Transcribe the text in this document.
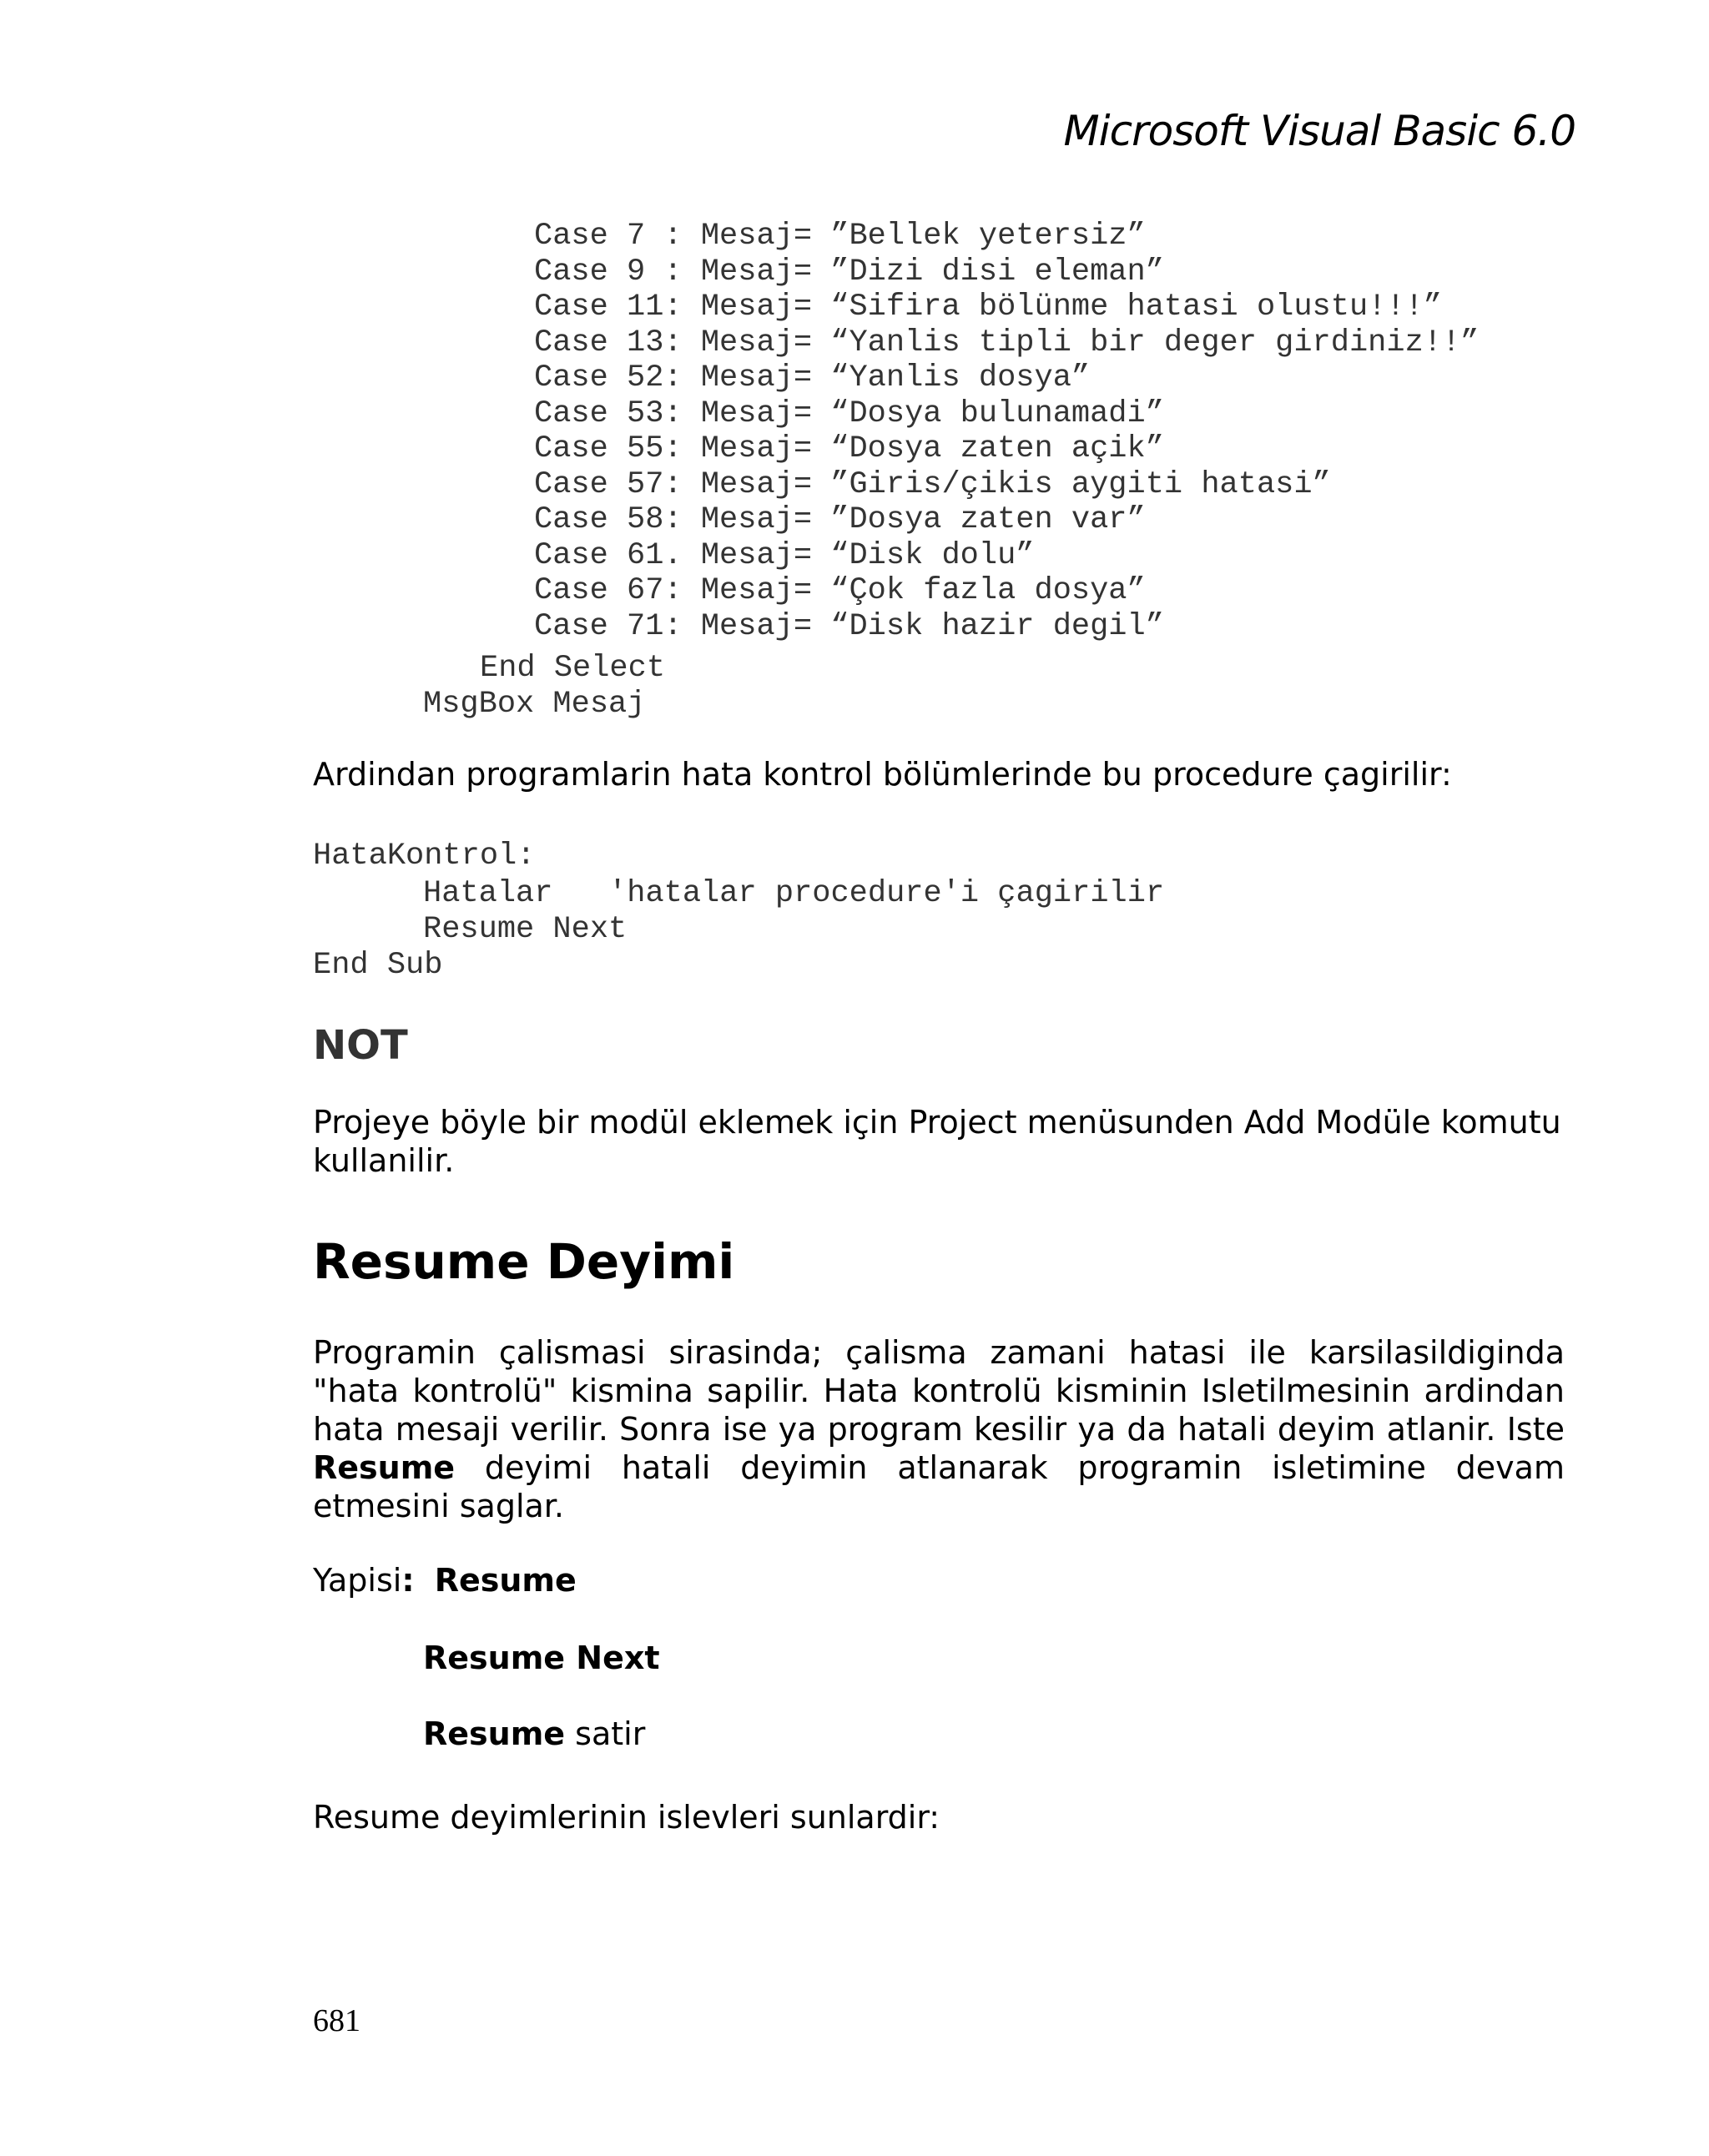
Microsoft Visual Basic 6.0
Case 7 : Mesaj= ”Bellek yetersiz”
Case 9 : Mesaj= ”Dizi disi eleman”
Case 11: Mesaj= “Sifira bölünme hatasi olustu!!!”
Case 13: Mesaj= “Yanlis tipli bir deger girdiniz!!”
Case 52: Mesaj= “Yanlis dosya”
Case 53: Mesaj= “Dosya bulunamadi”
Case 55: Mesaj= “Dosya zaten açik”
Case 57: Mesaj= ”Giris/çikis aygiti hatasi”
Case 58: Mesaj= ”Dosya zaten var”
Case 61. Mesaj= “Disk dolu”
Case 67: Mesaj= “Çok fazla dosya”
Case 71: Mesaj= “Disk hazir degil”
End Select
MsgBox Mesaj

Ardindan programlarin hata kontrol bölümlerinde bu procedure çagirilir:

HataKontrol:
Hatalar   'hatalar procedure'i çagirilir
Resume Next
End Sub
NOT

Projeye böyle bir modül eklemek için Project menüsunden Add Modüle komutu kullanilir.

Resume Deyimi

Programin çalismasi sirasinda; çalisma zamani hatasi ile karsilasildiginda "hata kontrolü" kismina sapilir. Hata kontrolü kisminin Isletilmesinin ardindan hata mesaji verilir. Sonra ise ya program kesilir ya da hatali deyim atlanir. Iste Resume deyimi hatali deyimin atlanarak programin isletimine devam etmesini saglar.

Yapisi: Resume

Resume Next

Resume satir

Resume deyimlerinin islevleri sunlardir:

681
